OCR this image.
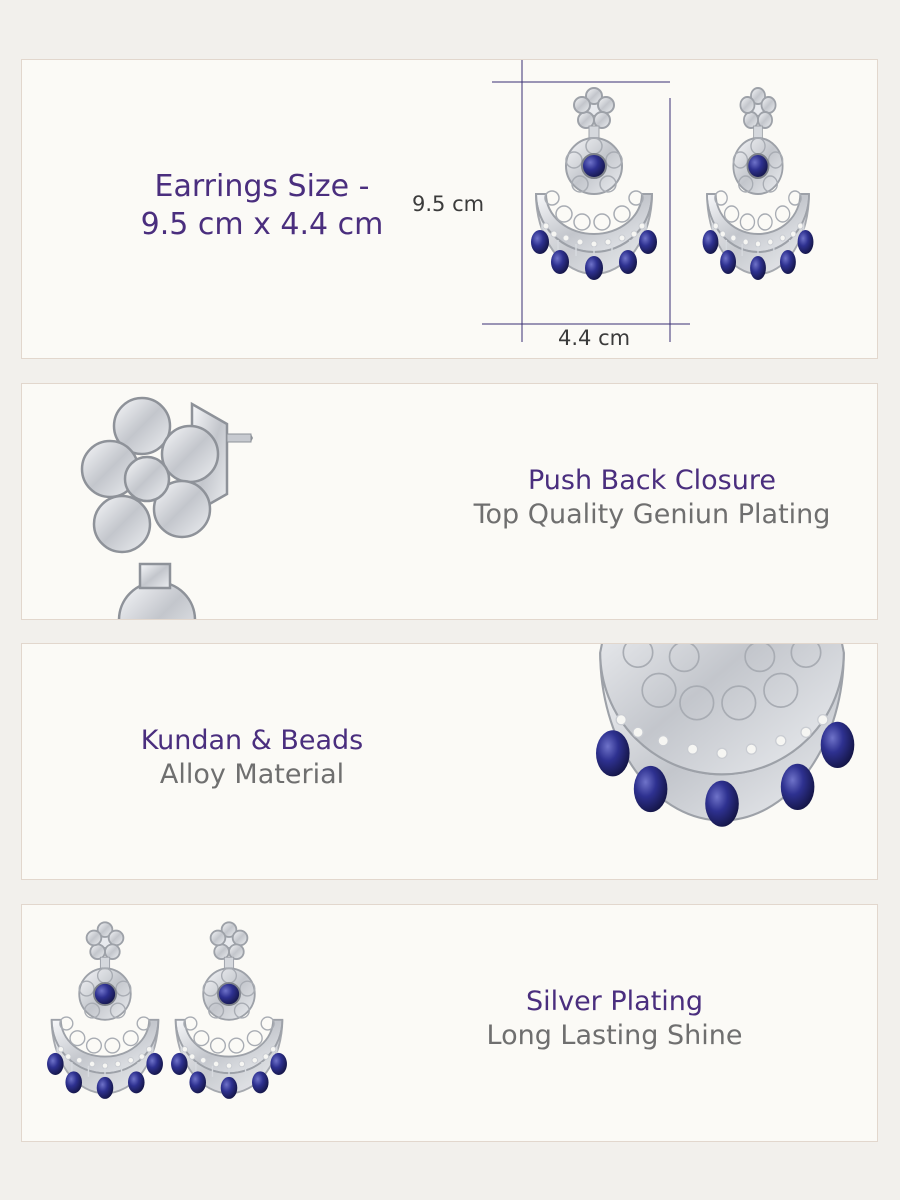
Earrings Size -
9.5 cm x 4.4 cm
9.5 cm
4.4 cm
Push Back Closure
Top Quality Geniun Plating
Kundan & Beads
Alloy Material
Silver Plating
Long Lasting Shine
